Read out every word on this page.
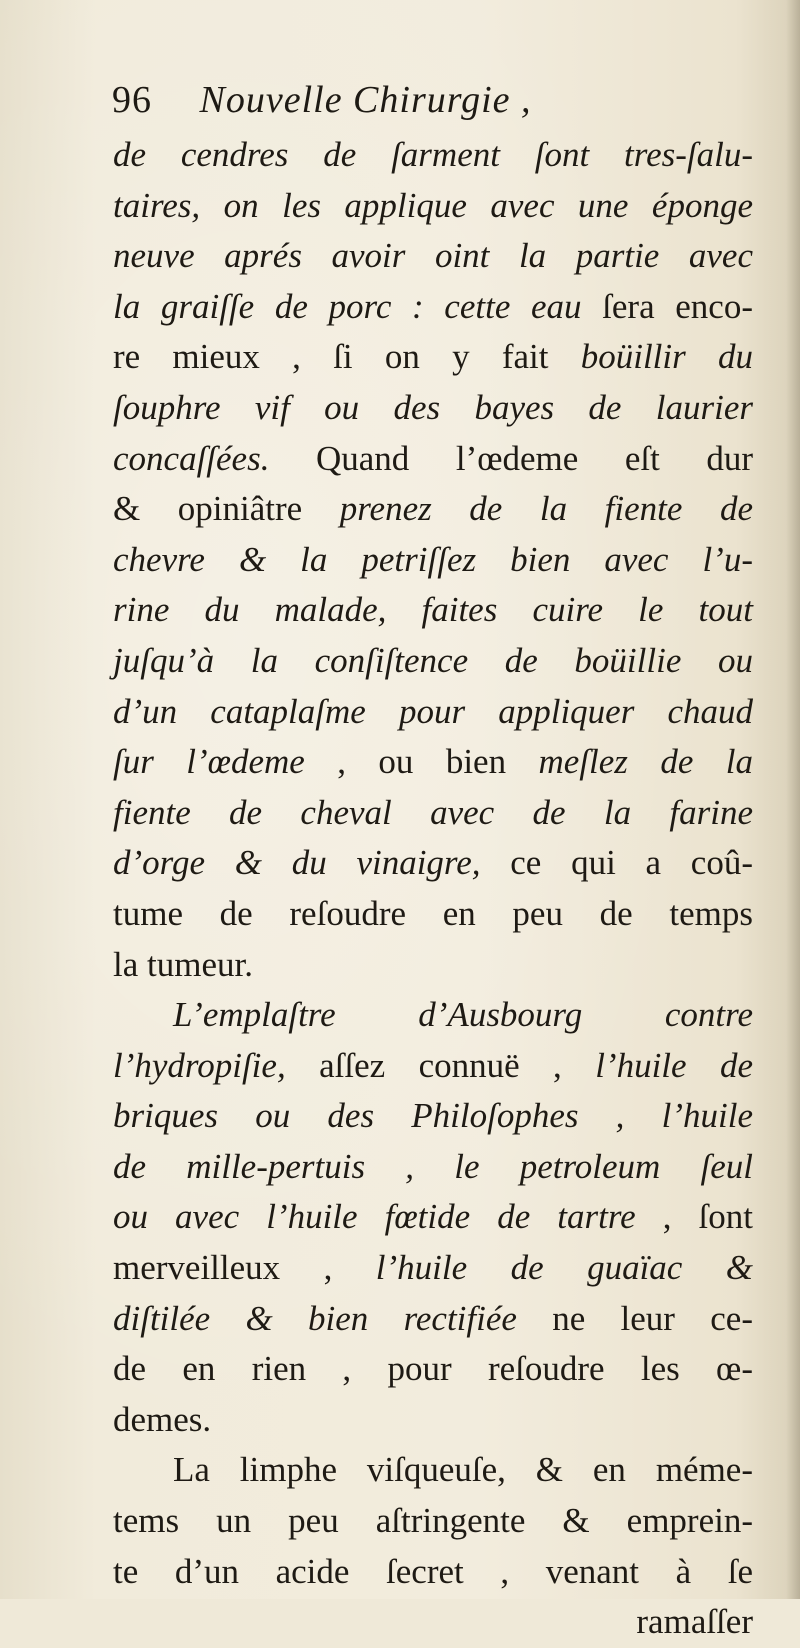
96 Nouvelle Chirurgie ,
de cendres de ſarment ſont tres-ſalu-
taires, on les applique avec une éponge
neuve aprés avoir oint la partie avec
la graiſſe de porc : cette eau ſera enco-
re mieux , ſi on y fait boüillir du
ſouphre vif ou des bayes de laurier
concaſſées. Quand l’œdeme eſt dur
& opiniâtre prenez de la fiente de
chevre & la petriſſez bien avec l’u-
rine du malade, faites cuire le tout
juſqu’à la conſiſtence de boüillie ou
d’un cataplaſme pour appliquer chaud
ſur l’œdeme , ou bien meſlez de la
fiente de cheval avec de la farine
d’orge & du vinaigre, ce qui a coû-
tume de reſoudre en peu de temps
la tumeur.
L’emplaſtre d’Ausbourg contre
l’hydropiſie, aſſez connuë , l’huile de
briques ou des Philoſophes , l’huile
de mille-pertuis , le petroleum ſeul
ou avec l’huile fœtide de tartre , ſont
merveilleux , l’huile de guaïac &
diſtilée & bien rectifiée ne leur ce-
de en rien , pour reſoudre les œ-
demes.
La limphe viſqueuſe, & en méme-
tems un peu aſtringente & emprein-
te d’un acide ſecret , venant à ſe
ramaſſer
